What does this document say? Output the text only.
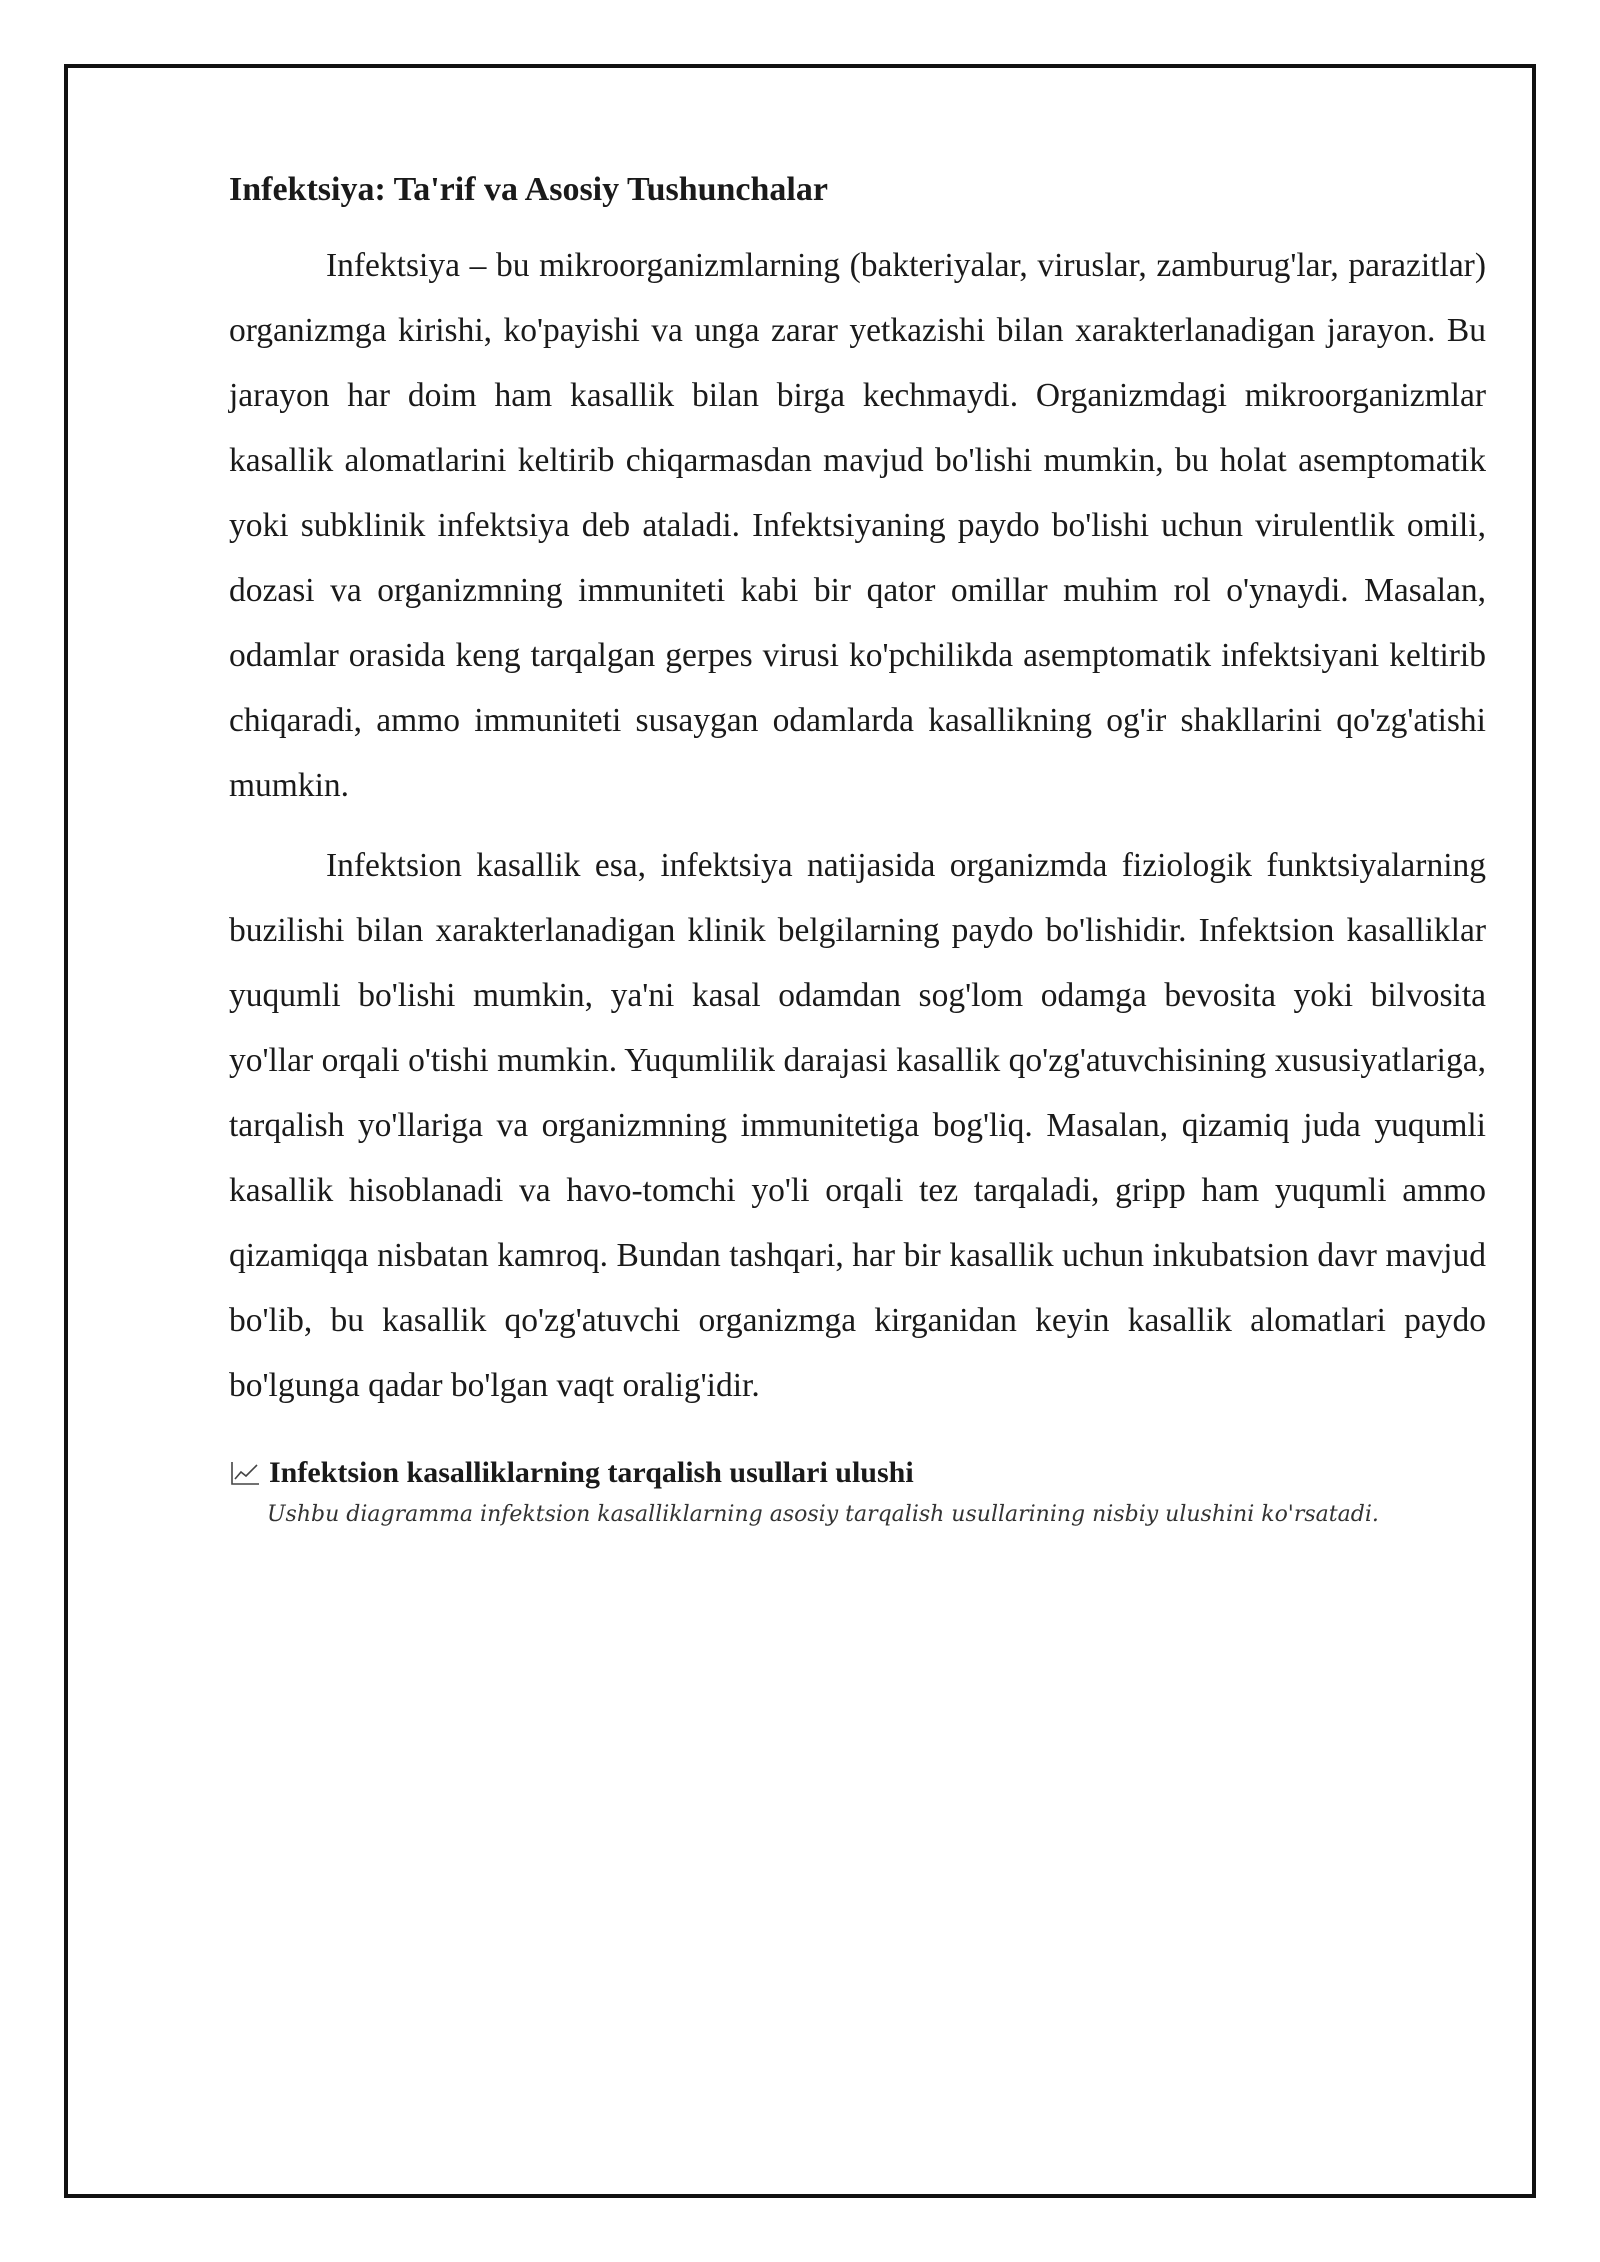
Infektsiya: Ta'rif va Asosiy Tushunchalar

Infektsiya – bu mikroorganizmlarning (bakteriyalar, viruslar, zamburug'lar, parazitlar) organizmga kirishi, ko'payishi va unga zarar yetkazishi bilan xarakterlanadigan jarayon. Bu jarayon har doim ham kasallik bilan birga kechmaydi. Organizmdagi mikroorganizmlar kasallik alomatlarini keltirib chiqarmasdan mavjud bo'lishi mumkin, bu holat asemptomatik yoki subklinik infektsiya deb ataladi. Infektsiyaning paydo bo'lishi uchun virulentlik omili, dozasi va organizmning immuniteti kabi bir qator omillar muhim rol o'ynaydi. Masalan, odamlar orasida keng tarqalgan gerpes virusi ko'pchilikda asemptomatik infektsiyani keltirib chiqaradi, ammo immuniteti susaygan odamlarda kasallikning og'ir shakllarini qo'zg'atishi mumkin.

Infektsion kasallik esa, infektsiya natijasida organizmda fiziologik funktsiyalarning buzilishi bilan xarakterlanadigan klinik belgilarning paydo bo'lishidir. Infektsion kasalliklar yuqumli bo'lishi mumkin, ya'ni kasal odamdan sog'lom odamga bevosita yoki bilvosita yo'llar orqali o'tishi mumkin. Yuqumlilik darajasi kasallik qo'zg'atuvchisining xususiyatlariga, tarqalish yo'llariga va organizmning immunitetiga bog'liq. Masalan, qizamiq juda yuqumli kasallik hisoblanadi va havo-tomchi yo'li orqali tez tarqaladi, gripp ham yuqumli ammo qizamiqqa nisbatan kamroq. Bundan tashqari, har bir kasallik uchun inkubatsion davr mavjud bo'lib, bu kasallik qo'zg'atuvchi organizmga kirganidan keyin kasallik alomatlari paydo bo'lgunga qadar bo'lgan vaqt oralig'idir.

Infektsion kasalliklarning tarqalish usullari ulushi
Ushbu diagramma infektsion kasalliklarning asosiy tarqalish usullarining nisbiy ulushini ko'rsatadi.
